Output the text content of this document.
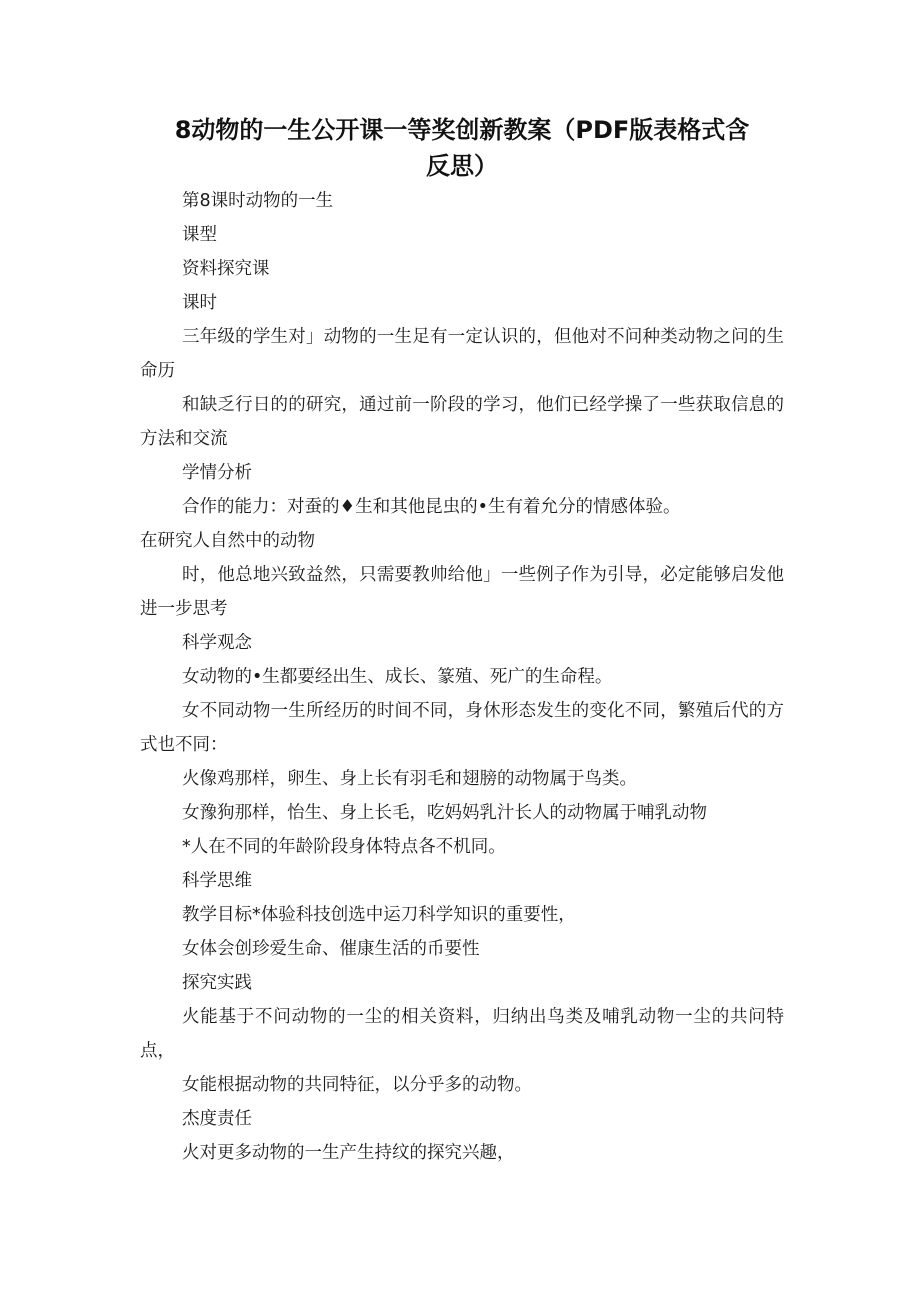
8动物的一生公开课一等奖创新教案（PDF版表格式含
反思）

第8课时动物的一生

课型

资料探究课

课时

三年级的学生对」动物的一生足有一定认识的，但他对不问种类动物之问的生命历

和缺乏行日的的研究，通过前一阶段的学习，他们已经学操了一些获取信息的方法和交流

学情分析

合作的能力：对蚕的♦生和其他昆虫的•生有着允分的情感体验。

在研究人自然中的动物

时，他总地兴致益然，只需要教帅给他」一些例子作为引导，必定能够启发他进一步思考

科学观念

女动物的•生都要经出生、成长、篆殖、死广的生命程。

女不同动物一生所经历的时间不同，身休形态发生的变化不同，繁殖后代的方式也不同：

火像鸡那样，卵生、身上长有羽毛和翅膀的动物属于鸟类。

女豫狗那样，怡生、身上长毛，吃妈妈乳汁长人的动物属于哺乳动物

*人在不同的年龄阶段身体特点各不机同。

科学思维

教学目标*体验科技创选中运刀科学知识的重要性，

女体会创珍爱生命、催康生活的币要性

探究实践

火能基于不问动物的一尘的相关资料，归纳出鸟类及哺乳动物一尘的共问特点，

女能根据动物的共同特征，以分乎多的动物。

杰度责任

火对更多动物的一生产生持纹的探究兴趣，
